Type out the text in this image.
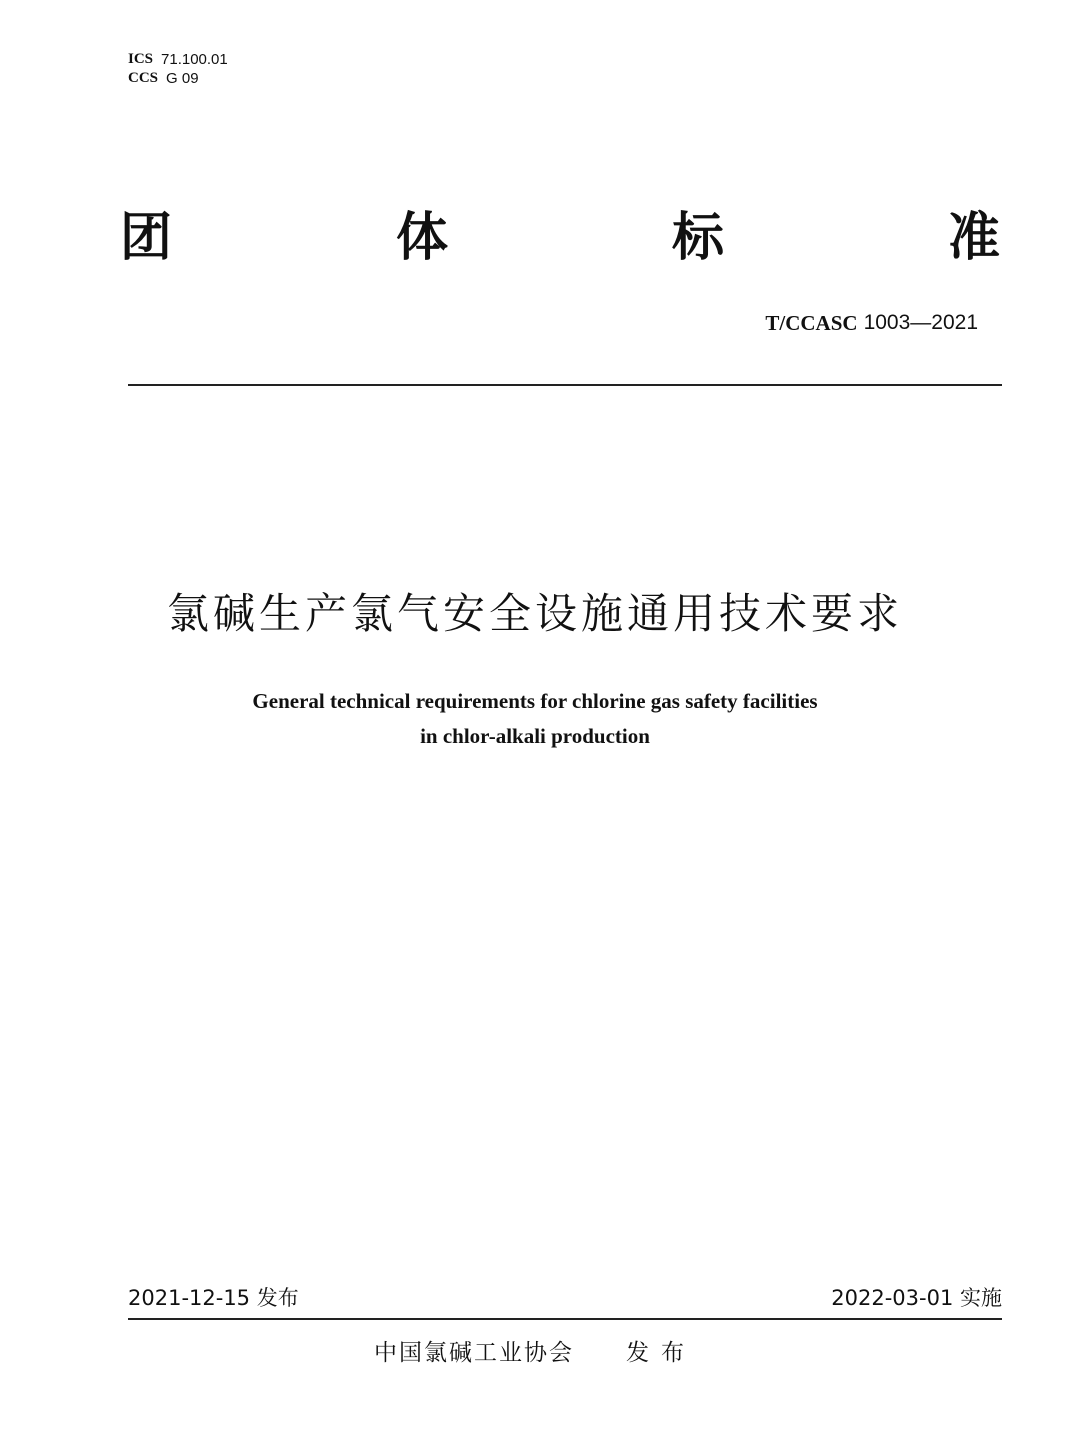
ICS 71.100.01
CCS G 09
团	体	标	准
T/CCASC 1003—2021
氯碱生产氯气安全设施通用技术要求
General technical requirements for chlorine gas safety facilities
in chlor-alkali production
2021-12-15 发布	2022-03-01 实施
中国氯碱工业协会 发布
